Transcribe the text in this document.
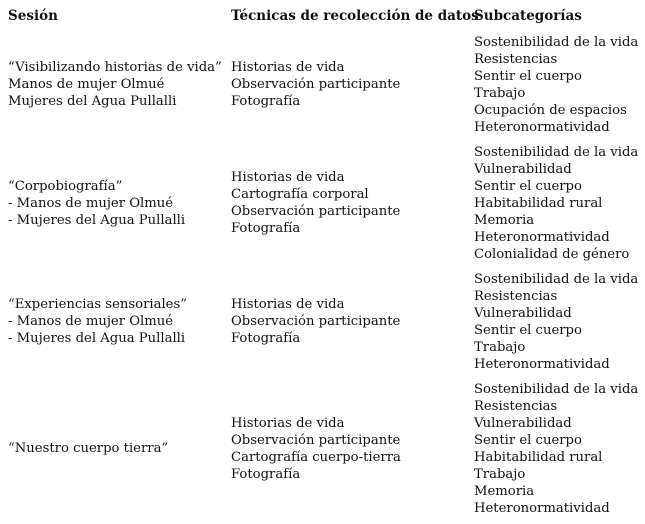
Sesión	Técnicas de recolección de datos
Subcategorías
“Visibilizando historias de vida”
Manos de mujer Olmué
Mujeres del Agua Pullalli
Historias de vida
Observación participante
Fotografía
Sostenibilidad de la vida
Resistencias
Sentir el cuerpo
Trabajo
Ocupación de espacios
Heteronormatividad
“Corpobiografía”
- Manos de mujer Olmué
- Mujeres del Agua Pullalli
Historias de vida
Cartografía corporal
Observación participante
Fotografía
Sostenibilidad de la vida
Vulnerabilidad
Sentir el cuerpo
Habitabilidad rural
Memoria
Heteronormatividad
Colonialidad de género
“Experiencias sensoriales”
- Manos de mujer Olmué
- Mujeres del Agua Pullalli
Historias de vida
Observación participante
Fotografía
Sostenibilidad de la vida
Resistencias
Vulnerabilidad
Sentir el cuerpo
Trabajo
Heteronormatividad
“Nuestro cuerpo tierra”
Historias de vida
Observación participante
Cartografía cuerpo-tierra
Fotografía
Sostenibilidad de la vida
Resistencias
Vulnerabilidad
Sentir el cuerpo
Habitabilidad rural
Trabajo
Memoria
Heteronormatividad
